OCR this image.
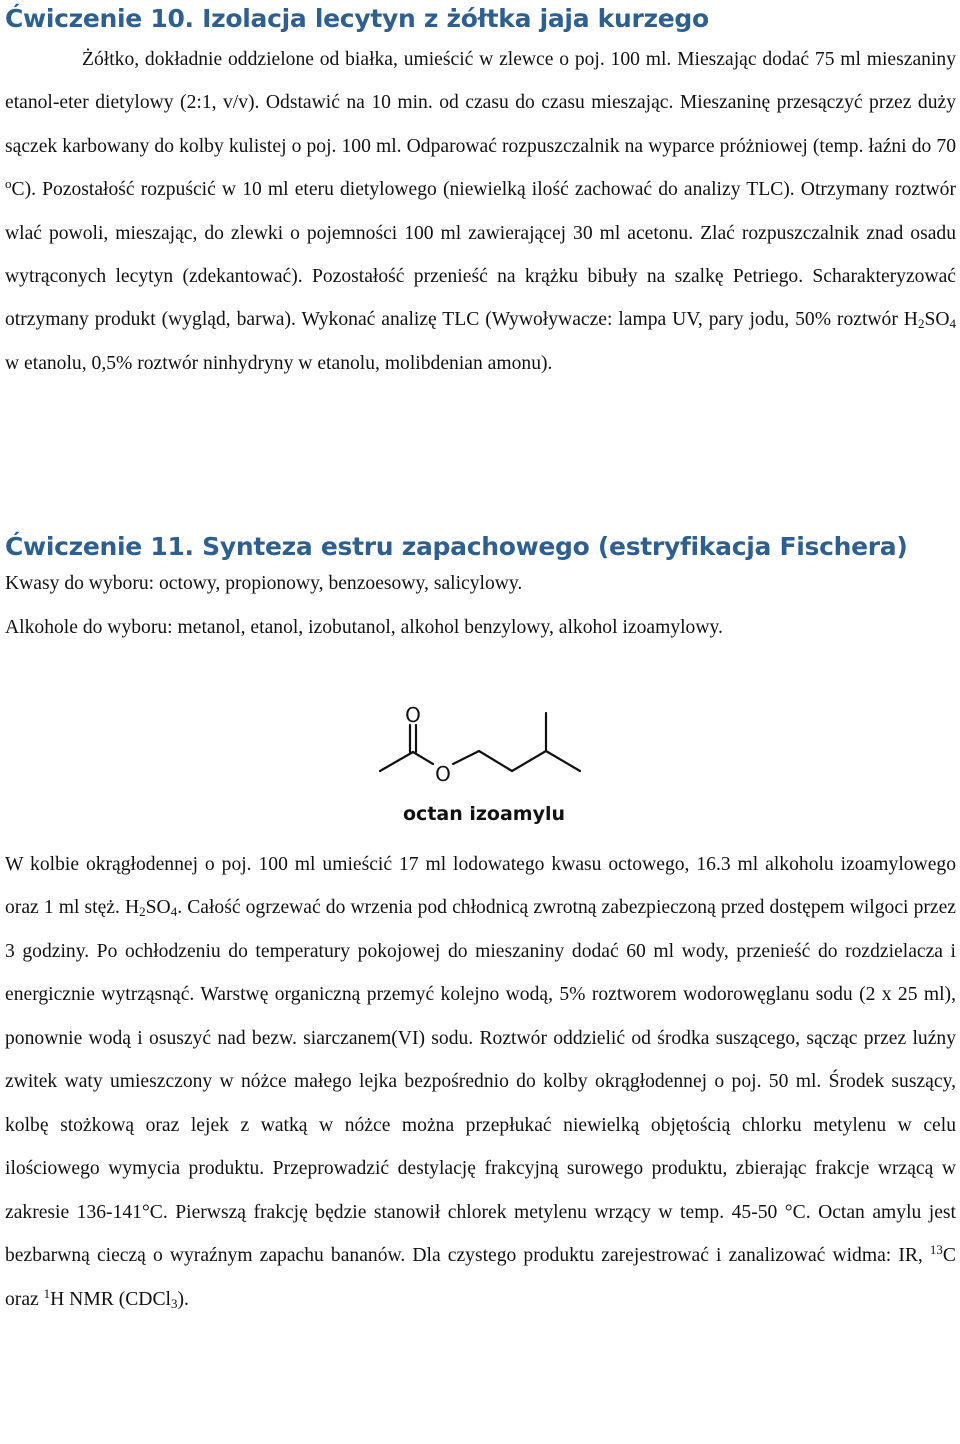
Ćwiczenie 10. Izolacja lecytyn z żółtka jaja kurzego

Żółtko, dokładnie oddzielone od białka, umieścić w zlewce o poj. 100 ml. Mieszając dodać 75 ml mieszaniny etanol-eter dietylowy (2:1, v/v). Odstawić na 10 min. od czasu do czasu mieszając. Mieszaninę przesączyć przez duży sączek karbowany do kolby kulistej o poj. 100 ml. Odparować rozpuszczalnik na wyparce próżniowej (temp. łaźni do 70 $^o$C). Pozostałość rozpuścić w 10 ml eteru dietylowego (niewielką ilość zachować do analizy TLC). Otrzymany roztwór wlać powoli, mieszając, do zlewki o pojemności 100 ml zawierającej 30 ml acetonu. Zlać rozpuszczalnik znad osadu wytrąconych lecytyn (zdekantować). Pozostałość przenieść na krążku bibuły na szalkę Petriego. Scharakteryzować otrzymany produkt (wygląd, barwa). Wykonać analizę TLC (Wywoływacze: lampa UV, pary jodu, 50% roztwór $H_2SO_4$ w etanolu, 0,5% roztwór ninhydryny w etanolu, molibdenian amonu).

Ćwiczenie 11. Synteza estru zapachowego (estryfikacja Fischera)

Kwasy do wyboru: octowy, propionowy, benzoesowy, salicylowy.

Alkohole do wyboru: metanol, etanol, izobutanol, alkohol benzylowy, alkohol izoamylowy.

O
O

octan izoamylu

W kolbie okrągłodennej o poj. 100 ml umieścić 17 ml lodowatego kwasu octowego, 16.3 ml alkoholu izoamylowego oraz 1 ml stęż. $H_2SO_4$. Całość ogrzewać do wrzenia pod chłodnicą zwrotną zabezpieczoną przed dostępem wilgoci przez 3 godziny. Po ochłodzeniu do temperatury pokojowej do mieszaniny dodać 60 ml wody, przenieść do rozdzielacza i energicznie wytrząsnąć. Warstwę organiczną przemyć kolejno wodą, 5% roztworem wodorowęglanu sodu (2 x 25 ml), ponownie wodą i osuszyć nad bezw. siarczanem(VI) sodu. Roztwór oddzielić od środka suszącego, sącząc przez luźny zwitek waty umieszczony w nóżce małego lejka bezpośrednio do kolby okrągłodennej o poj. 50 ml. Środek suszący, kolbę stożkową oraz lejek z watką w nóżce można przepłukać niewielką objętością chlorku metylenu w celu ilościowego wymycia produktu. Przeprowadzić destylację frakcyjną surowego produktu, zbierając frakcje wrzącą w zakresie 136-141°C. Pierwszą frakcję będzie stanowił chlorek metylenu wrzący w temp. 45-50 °C. Octan amylu jest bezbarwną cieczą o wyraźnym zapachu bananów. Dla czystego produktu zarejestrować i zanalizować widma: IR, $^{13}$C oraz $^1$H NMR (CDCl$_3$).
